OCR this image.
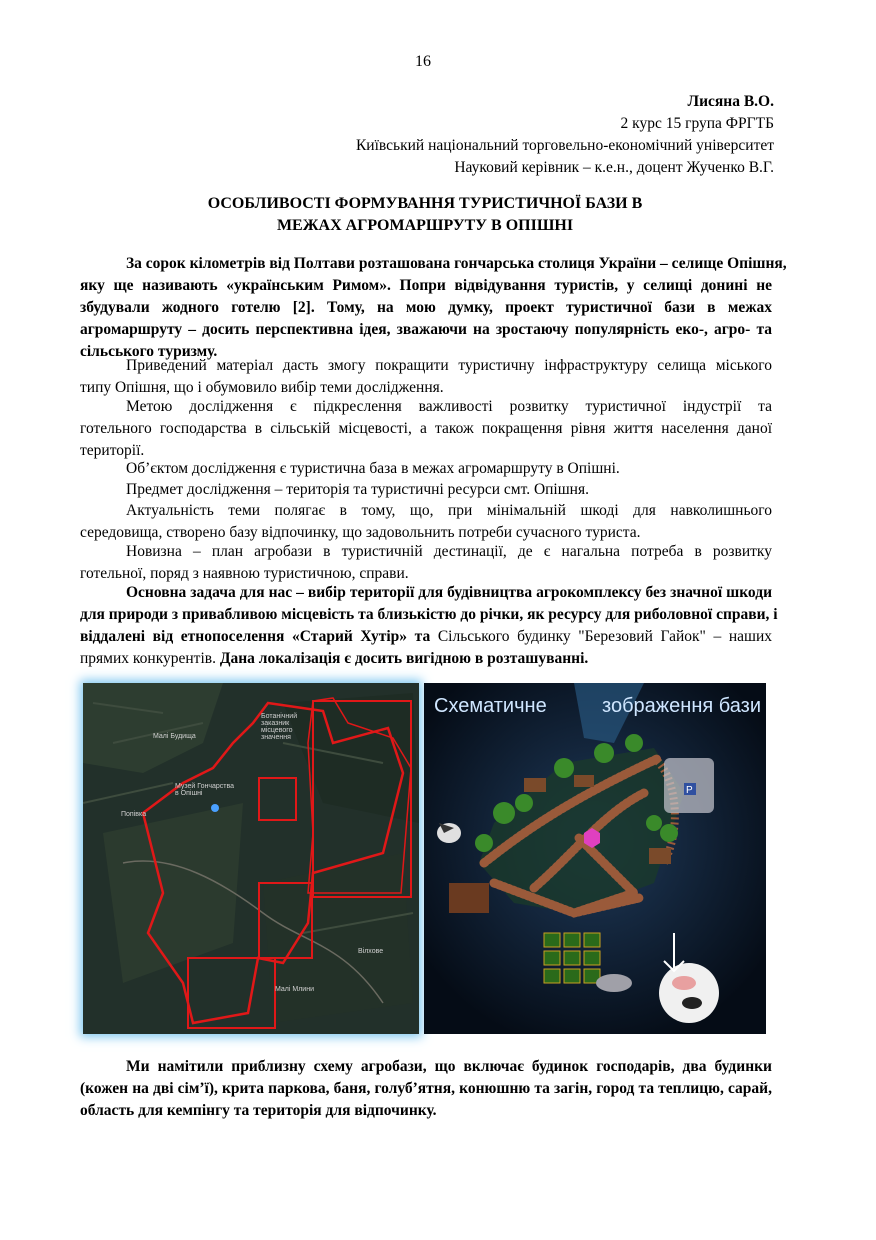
16
Лисяна В.О.
2 курс 15 група ФРГТБ
Київський національний торговельно-економічний університет
Науковий керівник – к.е.н., доцент Жученко В.Г.
ОСОБЛИВОСТІ ФОРМУВАННЯ ТУРИСТИЧНОЇ БАЗИ В
МЕЖАХ АГРОМАРШРУТУ В ОПІШНІ
За сорок кілометрів від Полтави розташована гончарська столиця України – селище Опішня,
яку ще називають «українським Римом». Попри відвідування туристів, у селищі донині не
збудували жодного готелю [2]. Тому, на мою думку, проект туристичної бази в межах
агромаршруту – досить перспективна ідея, зважаючи на зростаючу популярність еко-, агро- та
сільського туризму.
Приведений матеріал дасть змогу покращити туристичну інфраструктуру селища міського
типу Опішня, що і обумовило вибір теми дослідження.
Метою дослідження є підкреслення важливості розвитку туристичної індустрії та
готельного господарства в сільській місцевості, а також покращення рівня життя населення даної
території.
Об’єктом дослідження є туристична база в межах агромаршруту в Опішні.
Предмет дослідження – територія та туристичні ресурси смт. Опішня.
Актуальність теми полягає в тому, що, при мінімальній шкоді для навколишнього
середовища, створено базу відпочинку, що задовольнить потреби сучасного туриста.
Новизна – план агробази в туристичній дестинації, де є нагальна потреба в розвитку
готельної, поряд з наявною туристичною, справи.
Основна задача для нас – вибір території для будівництва агрокомплексу без значної шкоди
для природи з привабливою місцевість та близькістю до річки, як ресурсу для риболовної справи, і
віддалені від етнопоселення «Старий Хутір» та Сільського будинку "Березовий Гайок" – наших
прямих конкурентів. Дана локалізація є досить вигідною в розташуванні.
Малі Будища
Ботанічний заказник місцевого значення
Музей Гончарства в Опішні
Попівка
Вілхове
Малі Млини
P
Схематичне	зображення бази
Ми намітили приблизну схему агробази, що включає будинок господарів, два будинки
(кожен на дві сім’ї), крита паркова, баня, голуб’ятня, конюшню та загін, город та теплицю, сарай,
область для кемпінгу та територія для відпочинку.
